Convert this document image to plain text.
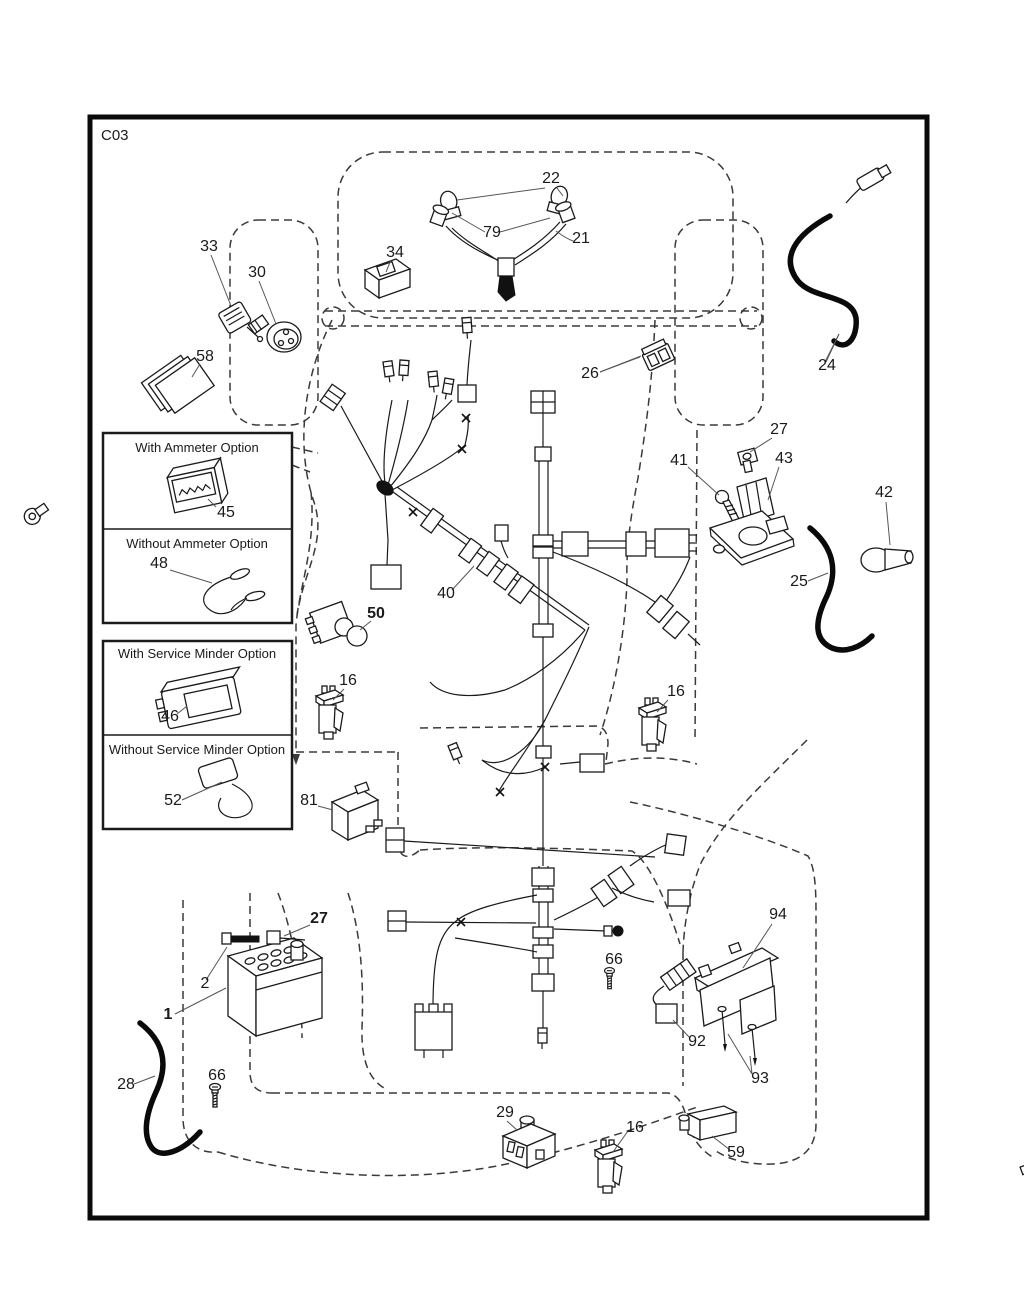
C03
With Ammeter Option
Without Ammeter Option
With Service Minder Option
Without Service Minder Option
22
79	21
34
33
30
58
26	24
27
41	43
42
25
40
50
16
16
45
48
46
52	81
27
2
1
28
66
66
94
92
93
29
16
59
